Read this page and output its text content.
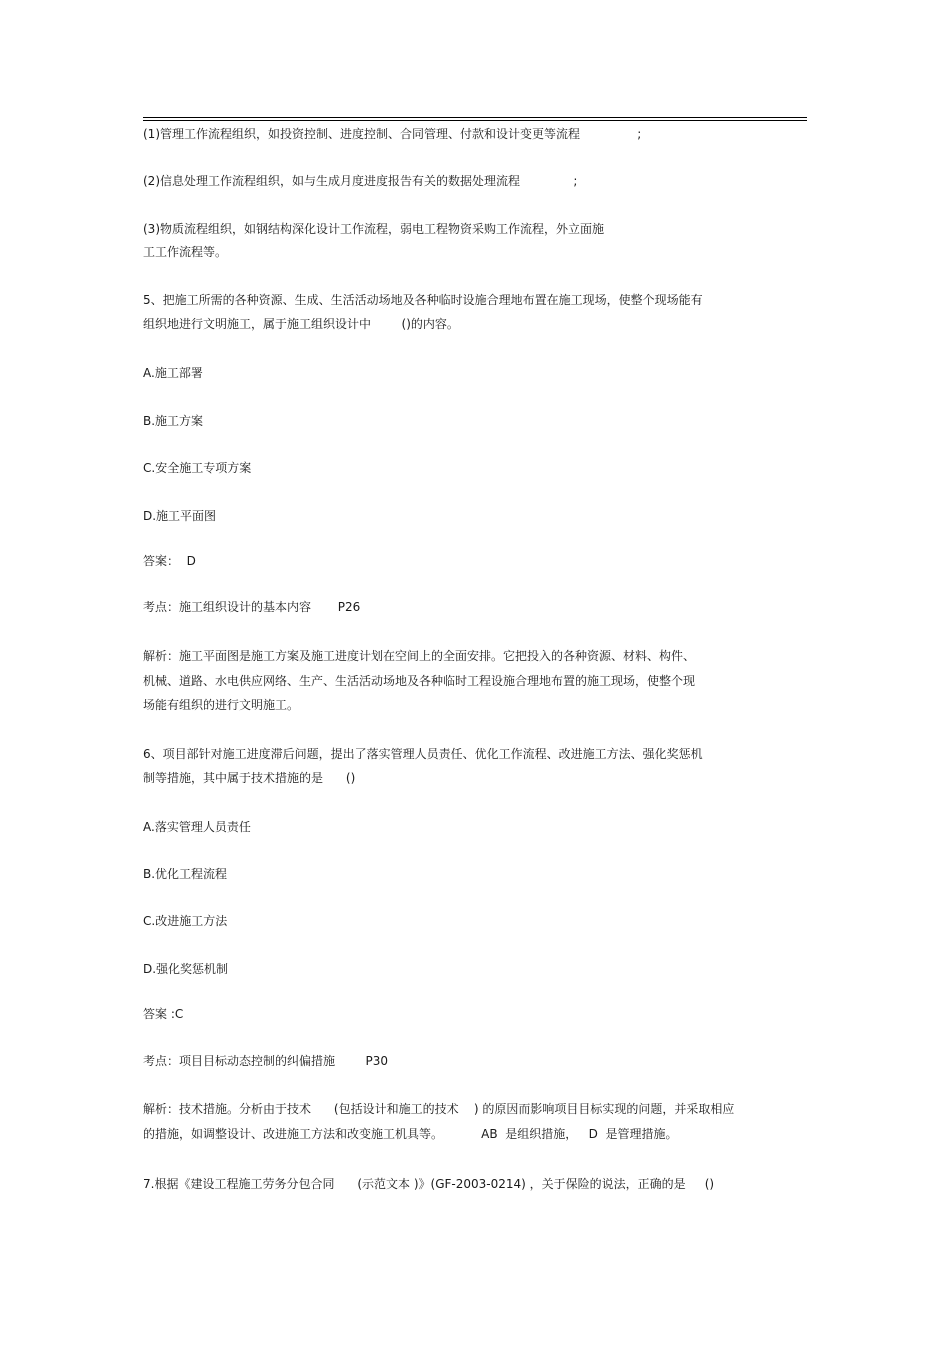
(1)管理工作流程组织，如投资控制、进度控制、合同管理、付款和设计变更等流程               ;
(2)信息处理工作流程组织，如与生成月度进度报告有关的数据处理流程              ;
(3)物质流程组织，如钢结构深化设计工作流程，弱电工程物资采购工作流程，外立面施
工工作流程等。
5、把施工所需的各种资源、生成、生活活动场地及各种临时设施合理地布置在施工现场，使整个现场能有
组织地进行文明施工，属于施工组织设计中        ()的内容。
A.施工部署
B.施工方案
C.安全施工专项方案
D.施工平面图
答案：  D
考点：施工组织设计的基本内容       P26
解析：施工平面图是施工方案及施工进度计划在空间上的全面安排。它把投入的各种资源、材料、构件、
机械、道路、水电供应网络、生产、生活活动场地及各种临时工程设施合理地布置的施工现场，使整个现
场能有组织的进行文明施工。
6、项目部针对施工进度滞后问题，提出了落实管理人员责任、优化工作流程、改进施工方法、强化奖惩机
制等措施，其中属于技术措施的是      ()
A.落实管理人员责任
B.优化工程流程
C.改进施工方法
D.强化奖惩机制
答案 :C
考点：项目目标动态控制的纠偏措施        P30
解析：技术措施。分析由于技术      (包括设计和施工的技术    ) 的原因而影响项目目标实现的问题，并采取相应
的措施，如调整设计、改进施工方法和改变施工机具等。          AB  是组织措施，   D  是管理措施。
7.根据《建设工程施工劳务分包合同      (示范文本 )》(GF-2003-0214) ，关于保险的说法，正确的是     ()
